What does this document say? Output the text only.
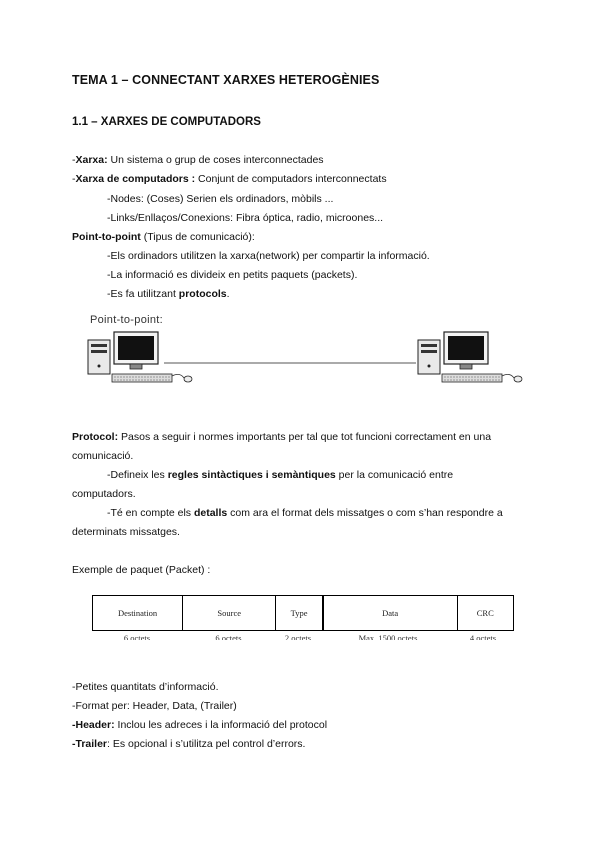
TEMA 1 – CONNECTANT XARXES HETEROGÈNIES
1.1 – XARXES DE COMPUTADORS
-Xarxa: Un sistema o grup de coses interconnectades
-Xarxa de computadors : Conjunt de computadors interconnectats
-Nodes: (Coses) Serien els ordinadors, mòbils ...
-Links/Enllaços/Conexions: Fibra óptica, radio, microones...
Point-to-point (Tipus de comunicació):
-Els ordinadors utilitzen la xarxa(network) per compartir la informació.
-La informació es divideix en petits paquets (packets).
-Es fa utilitzant protocols.
Point-to-point:
Protocol: Pasos a seguir i normes importants per tal que tot funcioni correctament en una
comunicació.
-Defineix les regles sintàctiques i semàntiques per la comunicació entre
computadors.
-Té en compte els detalls com ara el format dels missatges o com s’han respondre a
determinats missatges.
Exemple de paquet (Packet) :
Destination	Source	Type	Data	CRC
6 octets	6 octets	2 octets	Max. 1500 octets	4 octets
-Petites quantitats d’informació.
-Format per: Header, Data, (Trailer)
-Header: Inclou les adreces i la informació del protocol
-Trailer: Es opcional i s’utilitza pel control d’errors.
